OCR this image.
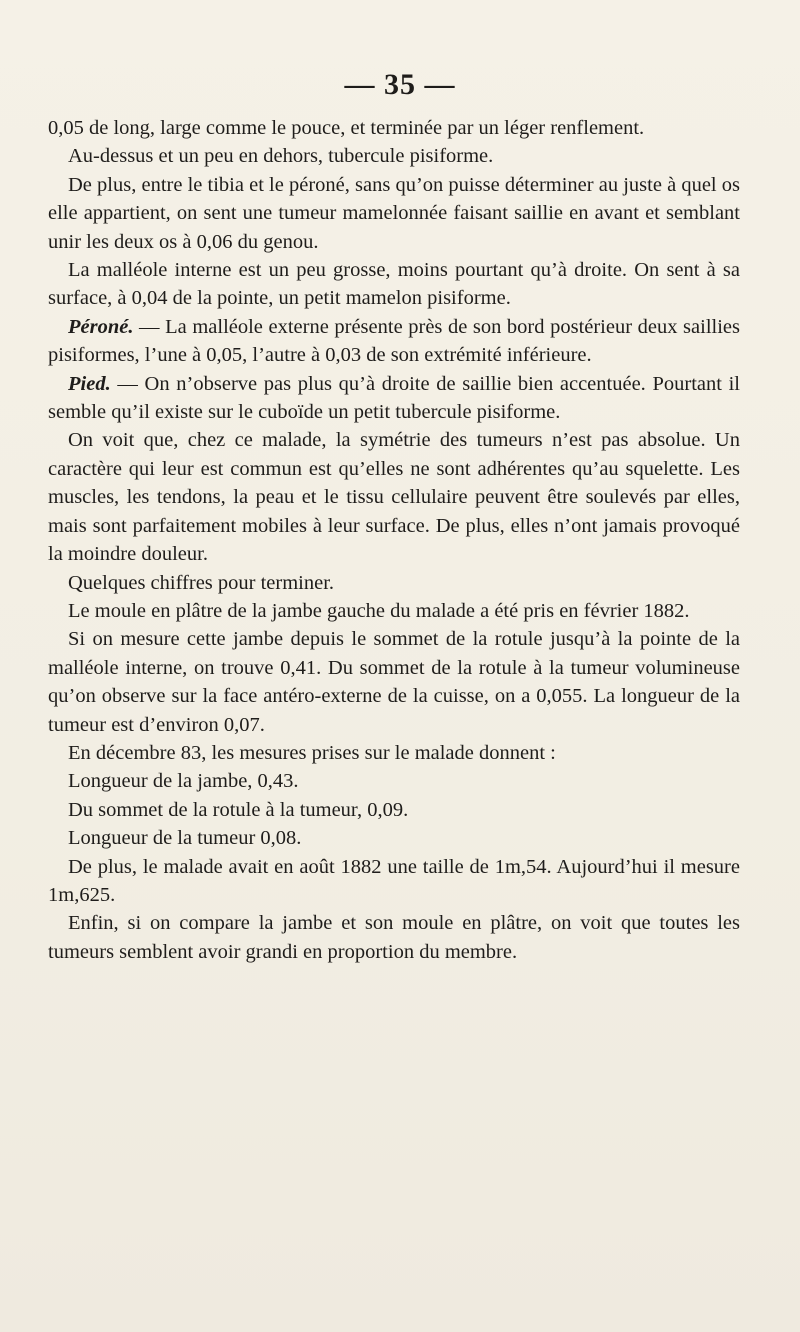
— 35 —

0,05 de long, large comme le pouce, et terminée par un léger renflement.

Au-dessus et un peu en dehors, tubercule pisiforme.

De plus, entre le tibia et le péroné, sans qu’on puisse déterminer au juste à quel os elle appartient, on sent une tumeur mamelonnée faisant saillie en avant et semblant unir les deux os à 0,06 du genou.

La malléole interne est un peu grosse, moins pourtant qu’à droite. On sent à sa surface, à 0,04 de la pointe, un petit mamelon pisiforme.

Péroné. — La malléole externe présente près de son bord postérieur deux saillies pisiformes, l’une à 0,05, l’autre à 0,03 de son extrémité inférieure.

Pied. — On n’observe pas plus qu’à droite de saillie bien accentuée. Pourtant il semble qu’il existe sur le cuboïde un petit tubercule pisiforme.

On voit que, chez ce malade, la symétrie des tumeurs n’est pas absolue. Un caractère qui leur est commun est qu’elles ne sont adhérentes qu’au squelette. Les muscles, les tendons, la peau et le tissu cellulaire peuvent être soulevés par elles, mais sont parfaitement mobiles à leur surface. De plus, elles n’ont jamais provoqué la moindre douleur.

Quelques chiffres pour terminer.

Le moule en plâtre de la jambe gauche du malade a été pris en février 1882.

Si on mesure cette jambe depuis le sommet de la rotule jusqu’à la pointe de la malléole interne, on trouve 0,41. Du sommet de la rotule à la tumeur volumineuse qu’on observe sur la face antéro-externe de la cuisse, on a 0,055. La longueur de la tumeur est d’environ 0,07.

En décembre 83, les mesures prises sur le malade donnent :

Longueur de la jambe, 0,43.

Du sommet de la rotule à la tumeur, 0,09.

Longueur de la tumeur 0,08.

De plus, le malade avait en août 1882 une taille de 1m,54. Aujourd’hui il mesure 1m,625.

Enfin, si on compare la jambe et son moule en plâtre, on voit que toutes les tumeurs semblent avoir grandi en proportion du membre.
